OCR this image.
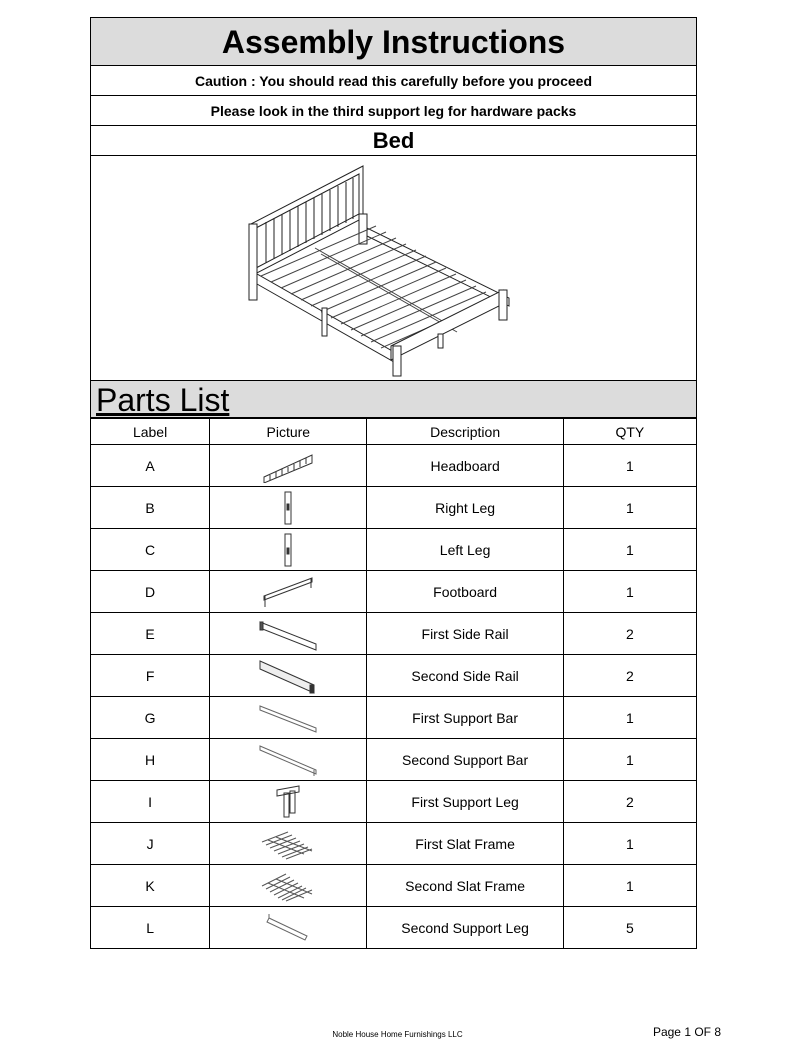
Assembly Instructions
Caution : You should read this carefully before you proceed
Please look in the third support leg for hardware packs
Bed
Parts List
Label	Picture	Description	QTY
A		Headboard	1
B		Right Leg	1
C		Left Leg	1
D		Footboard	1
E		First Side Rail	2
F		Second Side Rail	2
G		First Support Bar	1
H		Second Support Bar	1
I		First Support Leg	2
J		First Slat Frame	1
K		Second Slat Frame	1
L		Second Support Leg	5
Noble House Home Furnishings LLC	Page 1 OF 8
